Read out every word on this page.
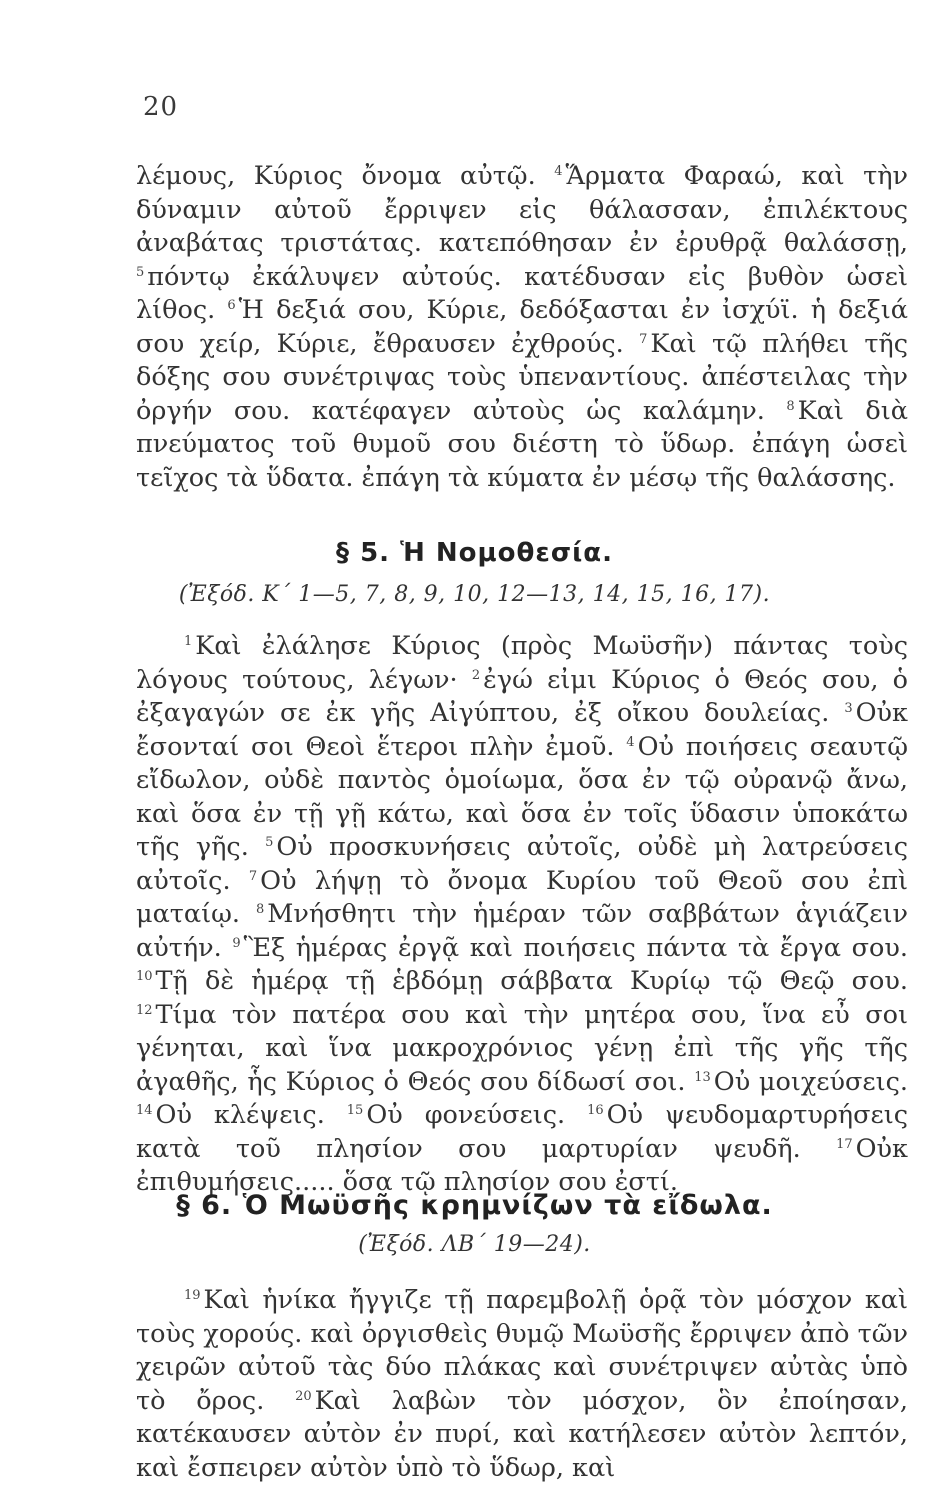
20

λέμους, Κύριος ὄνομα αὐτῷ. $^4$ Ἅρματα Φαραώ, καὶ τὴν δύναμιν αὐτοῦ ἔρριψεν εἰς θάλασσαν, ἐπιλέκτους ἀναβάτας τριστάτας. κατεπόθησαν ἐν ἐρυθρᾷ θαλάσσῃ, $^5$ πόντῳ ἐκάλυψεν αὐτούς. κατέδυσαν εἰς βυθὸν ὡσεὶ λίθος. $^6$ Ἡ δεξιά σου, Κύριε, δεδόξασται ἐν ἰσχύϊ. ἡ δεξιά σου χείρ, Κύριε, ἔθραυσεν ἐχθρούς. $^7$ Καὶ τῷ πλήθει τῆς δόξης σου συνέτριψας τοὺς ὑπεναντίους. ἀπέστειλας τὴν ὀργήν σου. κατέφαγεν αὐτοὺς ὡς καλάμην. $^8$ Καὶ διὰ πνεύματος τοῦ θυμοῦ σου διέστη τὸ ὕδωρ. ἐπάγη ὡσεὶ τεῖχος τὰ ὕδατα. ἐπάγη τὰ κύματα ἐν μέσῳ τῆς θαλάσσης.

§ 5. Ἡ Νομοθεσία.

(Ἐξόδ. Κ΄ 1—5, 7, 8, 9, 10, 12—13, 14, 15, 16, 17).

$^1$ Καὶ ἐλάλησε Κύριος (πρὸς Μωϋσῆν) πάντας τοὺς λόγους τούτους, λέγων· $^2$ ἐγώ εἰμι Κύριος ὁ Θεός σου, ὁ ἐξαγαγών σε ἐκ γῆς Αἰγύπτου, ἐξ οἴκου δουλείας. $^3$ Οὐκ ἔσονταί σοι Θεοὶ ἕτεροι πλὴν ἐμοῦ. $^4$ Οὐ ποιήσεις σεαυτῷ εἴδωλον, οὐδὲ παντὸς ὁμοίωμα, ὅσα ἐν τῷ οὐρανῷ ἄνω, καὶ ὅσα ἐν τῇ γῇ κάτω, καὶ ὅσα ἐν τοῖς ὕδασιν ὑποκάτω τῆς γῆς. $^5$ Οὐ προσκυνήσεις αὐτοῖς, οὐδὲ μὴ λατρεύσεις αὐτοῖς. $^7$ Οὐ λήψῃ τὸ ὄνομα Κυρίου τοῦ Θεοῦ σου ἐπὶ ματαίῳ. $^8$ Μνήσθητι τὴν ἡμέραν τῶν σαββάτων ἁγιάζειν αὐτήν. $^9$ Ἓξ ἡμέρας ἐργᾷ καὶ ποιήσεις πάντα τὰ ἔργα σου. $^{10}$ Τῇ δὲ ἡμέρᾳ τῇ ἑβδόμῃ σάββατα Κυρίῳ τῷ Θεῷ σου. $^{12}$ Τίμα τὸν πατέρα σου καὶ τὴν μητέρα σου, ἵνα εὖ σοι γένηται, καὶ ἵνα μακροχρόνιος γένῃ ἐπὶ τῆς γῆς τῆς ἀγαθῆς, ἧς Κύριος ὁ Θεός σου δίδωσί σοι. $^{13}$ Οὐ μοιχεύσεις. $^{14}$ Οὐ κλέψεις. $^{15}$ Οὐ φονεύσεις. $^{16}$ Οὐ ψευδομαρτυρήσεις κατὰ τοῦ πλησίον σου μαρτυρίαν ψευδῆ. $^{17}$ Οὐκ ἐπιθυμήσεις..... ὅσα τῷ πλησίον σου ἐστί.

§ 6. Ὁ Μωϋσῆς κρημνίζων τὰ εἴδωλα.

(Ἐξόδ. ΛΒ΄ 19—24).

$^{19}$ Καὶ ἡνίκα ἤγγιζε τῇ παρεμβολῇ ὁρᾷ τὸν μόσχον καὶ τοὺς χορούς. καὶ ὀργισθεὶς θυμῷ Μωϋσῆς ἔρριψεν ἀπὸ τῶν χειρῶν αὐτοῦ τὰς δύο πλάκας καὶ συνέτριψεν αὐτὰς ὑπὸ τὸ ὄρος. $^{20}$ Καὶ λαβὼν τὸν μόσχον, ὃν ἐποίησαν, κατέκαυσεν αὐτὸν ἐν πυρί, καὶ κατήλεσεν αὐτὸν λεπτόν, καὶ ἔσπειρεν αὐτὸν ὑπὸ τὸ ὕδωρ, καὶ
